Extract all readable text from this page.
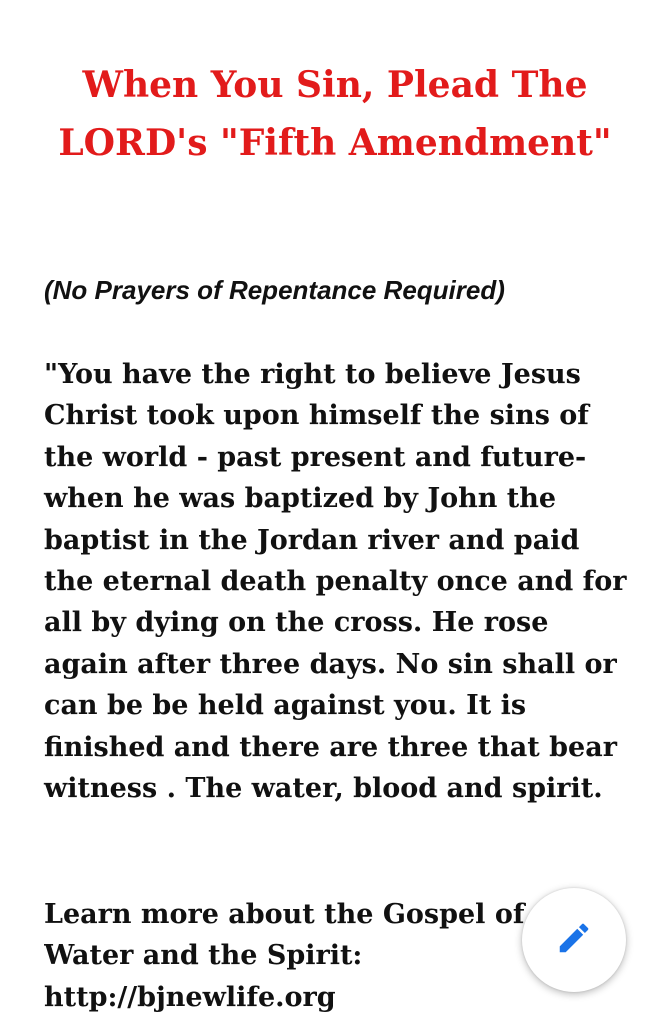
When You Sin, Plead The LORD's "Fifth Amendment"

(No Prayers of Repentance Required)

"You have the right to believe Jesus Christ took upon himself the sins of the world - past present and future- when he was baptized by John the baptist in the Jordan river and paid the eternal death penalty once and for all by dying on the cross. He rose again after three days. No sin shall or can be be held against you. It is finished and there are three that bear witness . The water, blood and spirit.

Learn more about the Gospel of
Water and the Spirit:
http://bjnewlife.org
